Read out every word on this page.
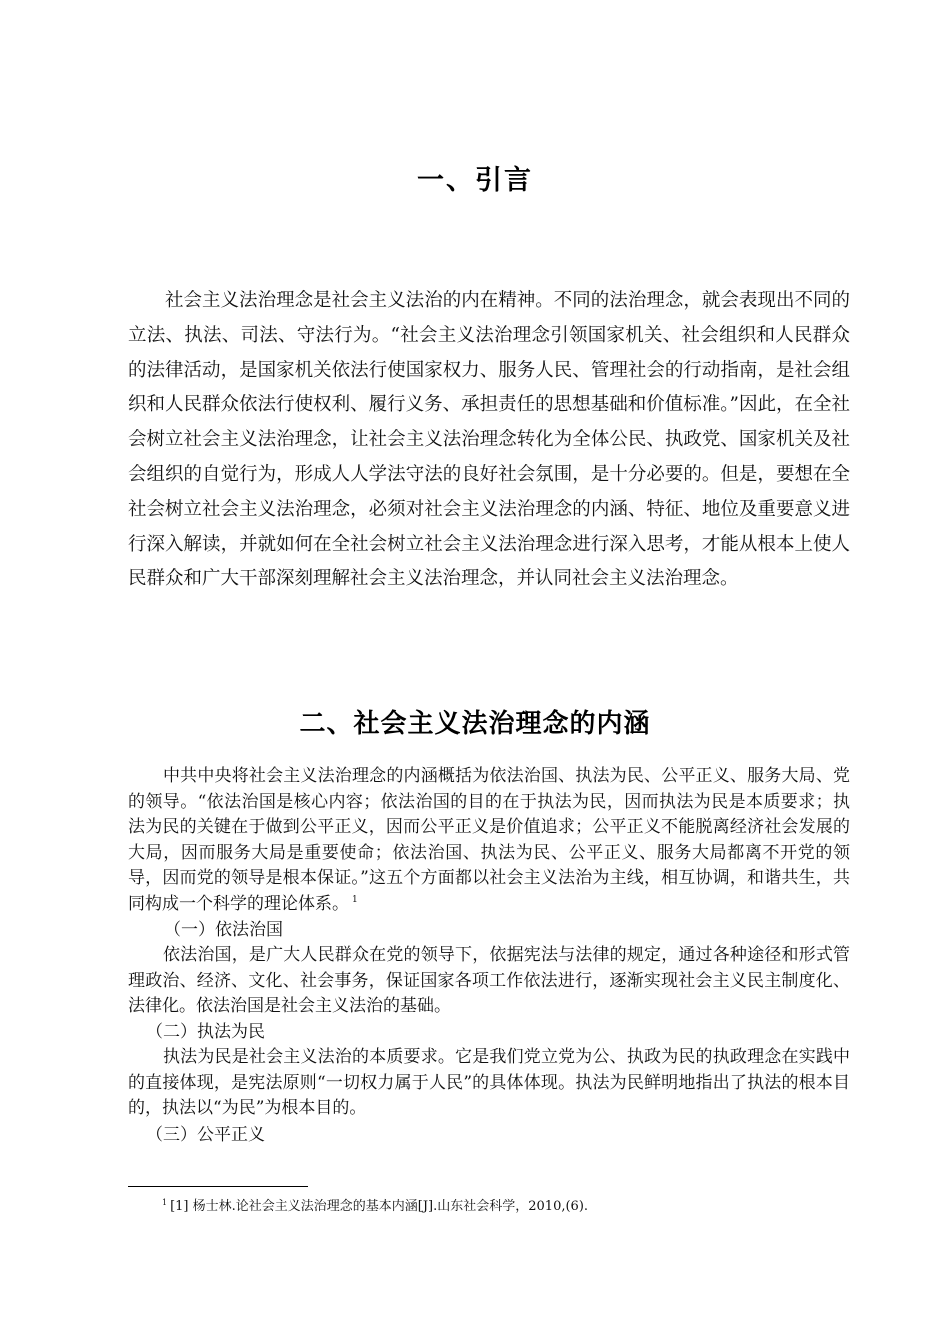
一、引言

社会主义法治理念是社会主义法治的内在精神。不同的法治理念，就会表现出不同的立法、执法、司法、守法行为。“社会主义法治理念引领国家机关、社会组织和人民群众的法律活动，是国家机关依法行使国家权力、服务人民、管理社会的行动指南，是社会组织和人民群众依法行使权利、履行义务、承担责任的思想基础和价值标准。”因此，在全社会树立社会主义法治理念，让社会主义法治理念转化为全体公民、执政党、国家机关及社会组织的自觉行为，形成人人学法守法的良好社会氛围，是十分必要的。但是，要想在全社会树立社会主义法治理念，必须对社会主义法治理念的内涵、特征、地位及重要意义进行深入解读，并就如何在全社会树立社会主义法治理念进行深入思考，才能从根本上使人民群众和广大干部深刻理解社会主义法治理念，并认同社会主义法治理念。

二、社会主义法治理念的内涵

中共中央将社会主义法治理念的内涵概括为依法治国、执法为民、公平正义、服务大局、党的领导。“依法治国是核心内容；依法治国的目的在于执法为民，因而执法为民是本质要求；执法为民的关键在于做到公平正义，因而公平正义是价值追求；公平正义不能脱离经济社会发展的大局，因而服务大局是重要使命；依法治国、执法为民、公平正义、服务大局都离不开党的领导，因而党的领导是根本保证。”这五个方面都以社会主义法治为主线，相互协调，和谐共生，共同构成一个科学的理论体系。 $^1$

（一）依法治国

依法治国，是广大人民群众在党的领导下，依据宪法与法律的规定，通过各种途径和形式管理政治、经济、文化、社会事务，保证国家各项工作依法进行，逐渐实现社会主义民主制度化、法律化。依法治国是社会主义法治的基础。

（二）执法为民

执法为民是社会主义法治的本质要求。它是我们党立党为公、执政为民的执政理念在实践中的直接体现，是宪法原则“一切权力属于人民”的具体体现。执法为民鲜明地指出了执法的根本目的，执法以“为民”为根本目的。

（三）公平正义

$^1$ [1] 杨士林.论社会主义法治理念的基本内涵[J].山东社会科学，2010,(6).
